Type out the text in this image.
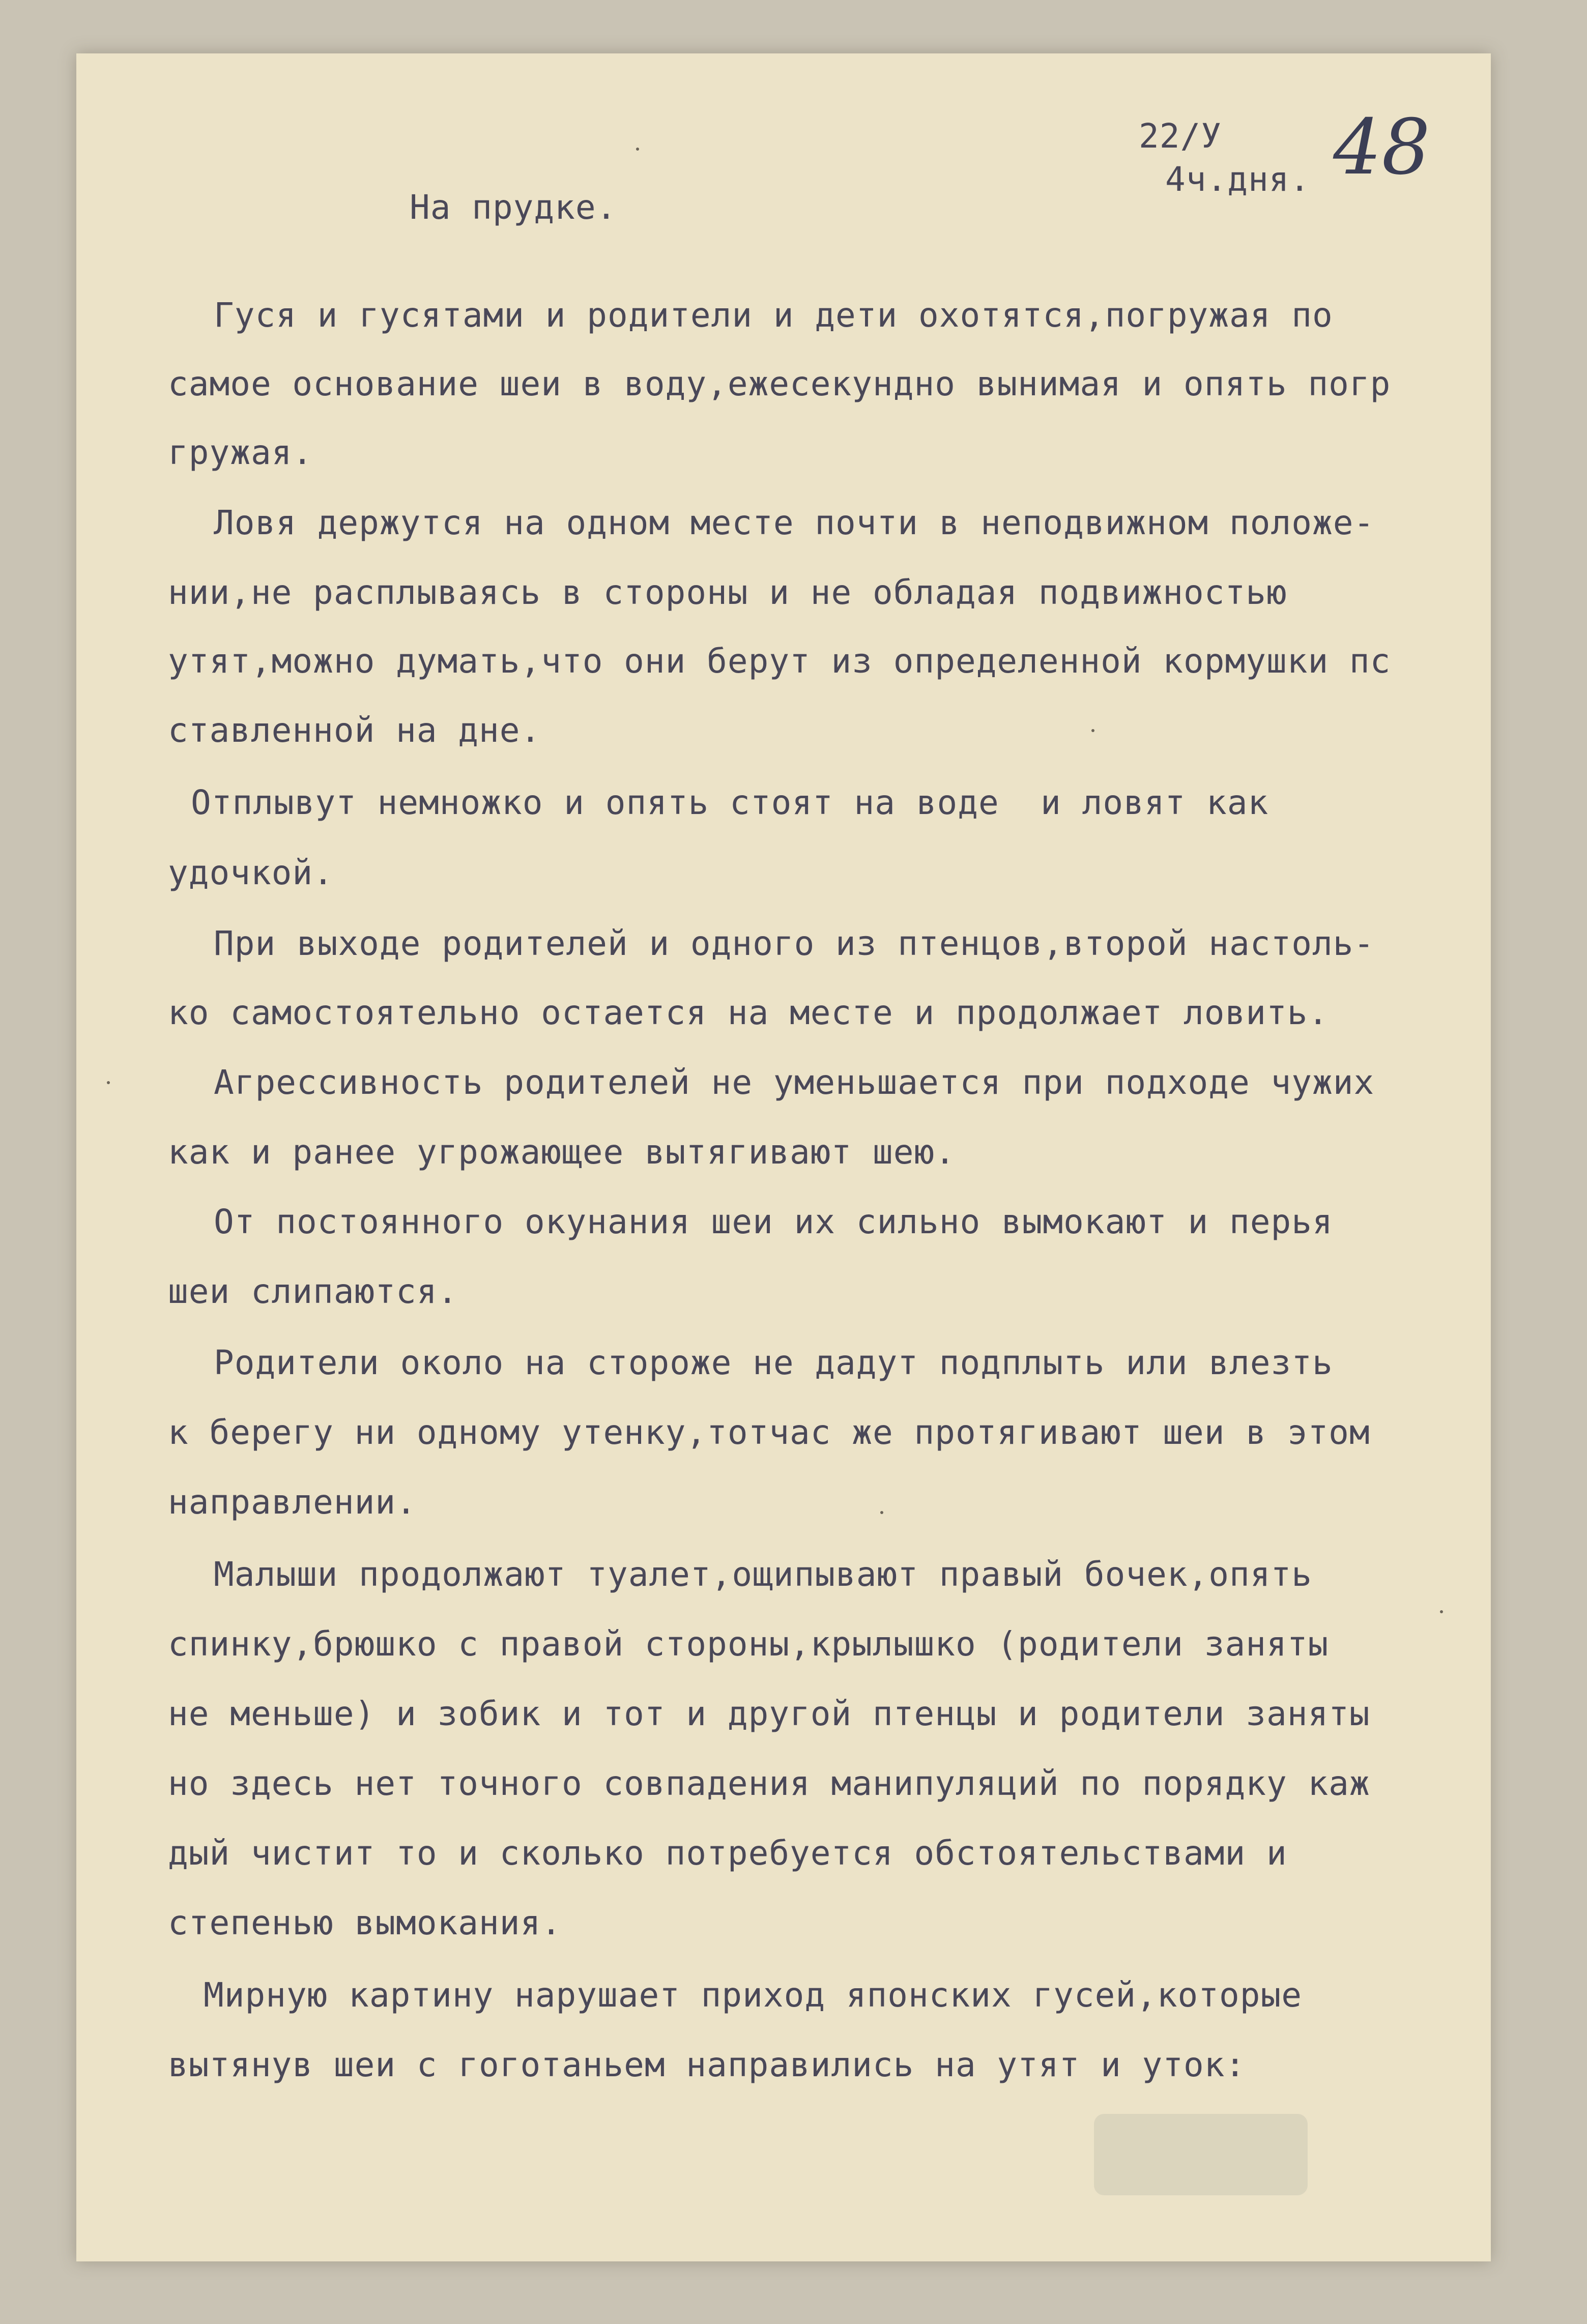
22/У
4ч.дня. 48
На прудке.
Гуся и гусятами и родители и дети охотятся,погружая по
самое основание шеи в воду,ежесекундно вынимая и опять погр
гружая.
Ловя держутся на одном месте почти в неподвижном положе-
нии,не расплываясь в стороны и не обладая подвижностью
утят,можно думать,что они берут из определенной кормушки пс
ставленной на дне.
Отплывут немножко и опять стоят на воде  и ловят как
удочкой.
При выходе родителей и одного из птенцов,второй настоль-
ко самостоятельно остается на месте и продолжает ловить.
Агрессивность родителей не уменьшается при подходе чужих
как и ранее угрожающее вытягивают шею.
От постоянного окунания шеи их сильно вымокают и перья
шеи слипаются.
Родители около на стороже не дадут подплыть или влезть
к берегу ни одному утенку,тотчас же протягивают шеи в этом
направлении.
Малыши продолжают туалет,ощипывают правый бочек,опять
спинку,брюшко с правой стороны,крылышко (родители заняты
не меньше) и зобик и тот и другой птенцы и родители заняты
но здесь нет точного совпадения манипуляций по порядку каж
дый чистит то и сколько потребуется обстоятельствами и
степенью вымокания.
Мирную картину нарушает приход японских гусей,которые
вытянув шеи с гоготаньем направились на утят и уток:
